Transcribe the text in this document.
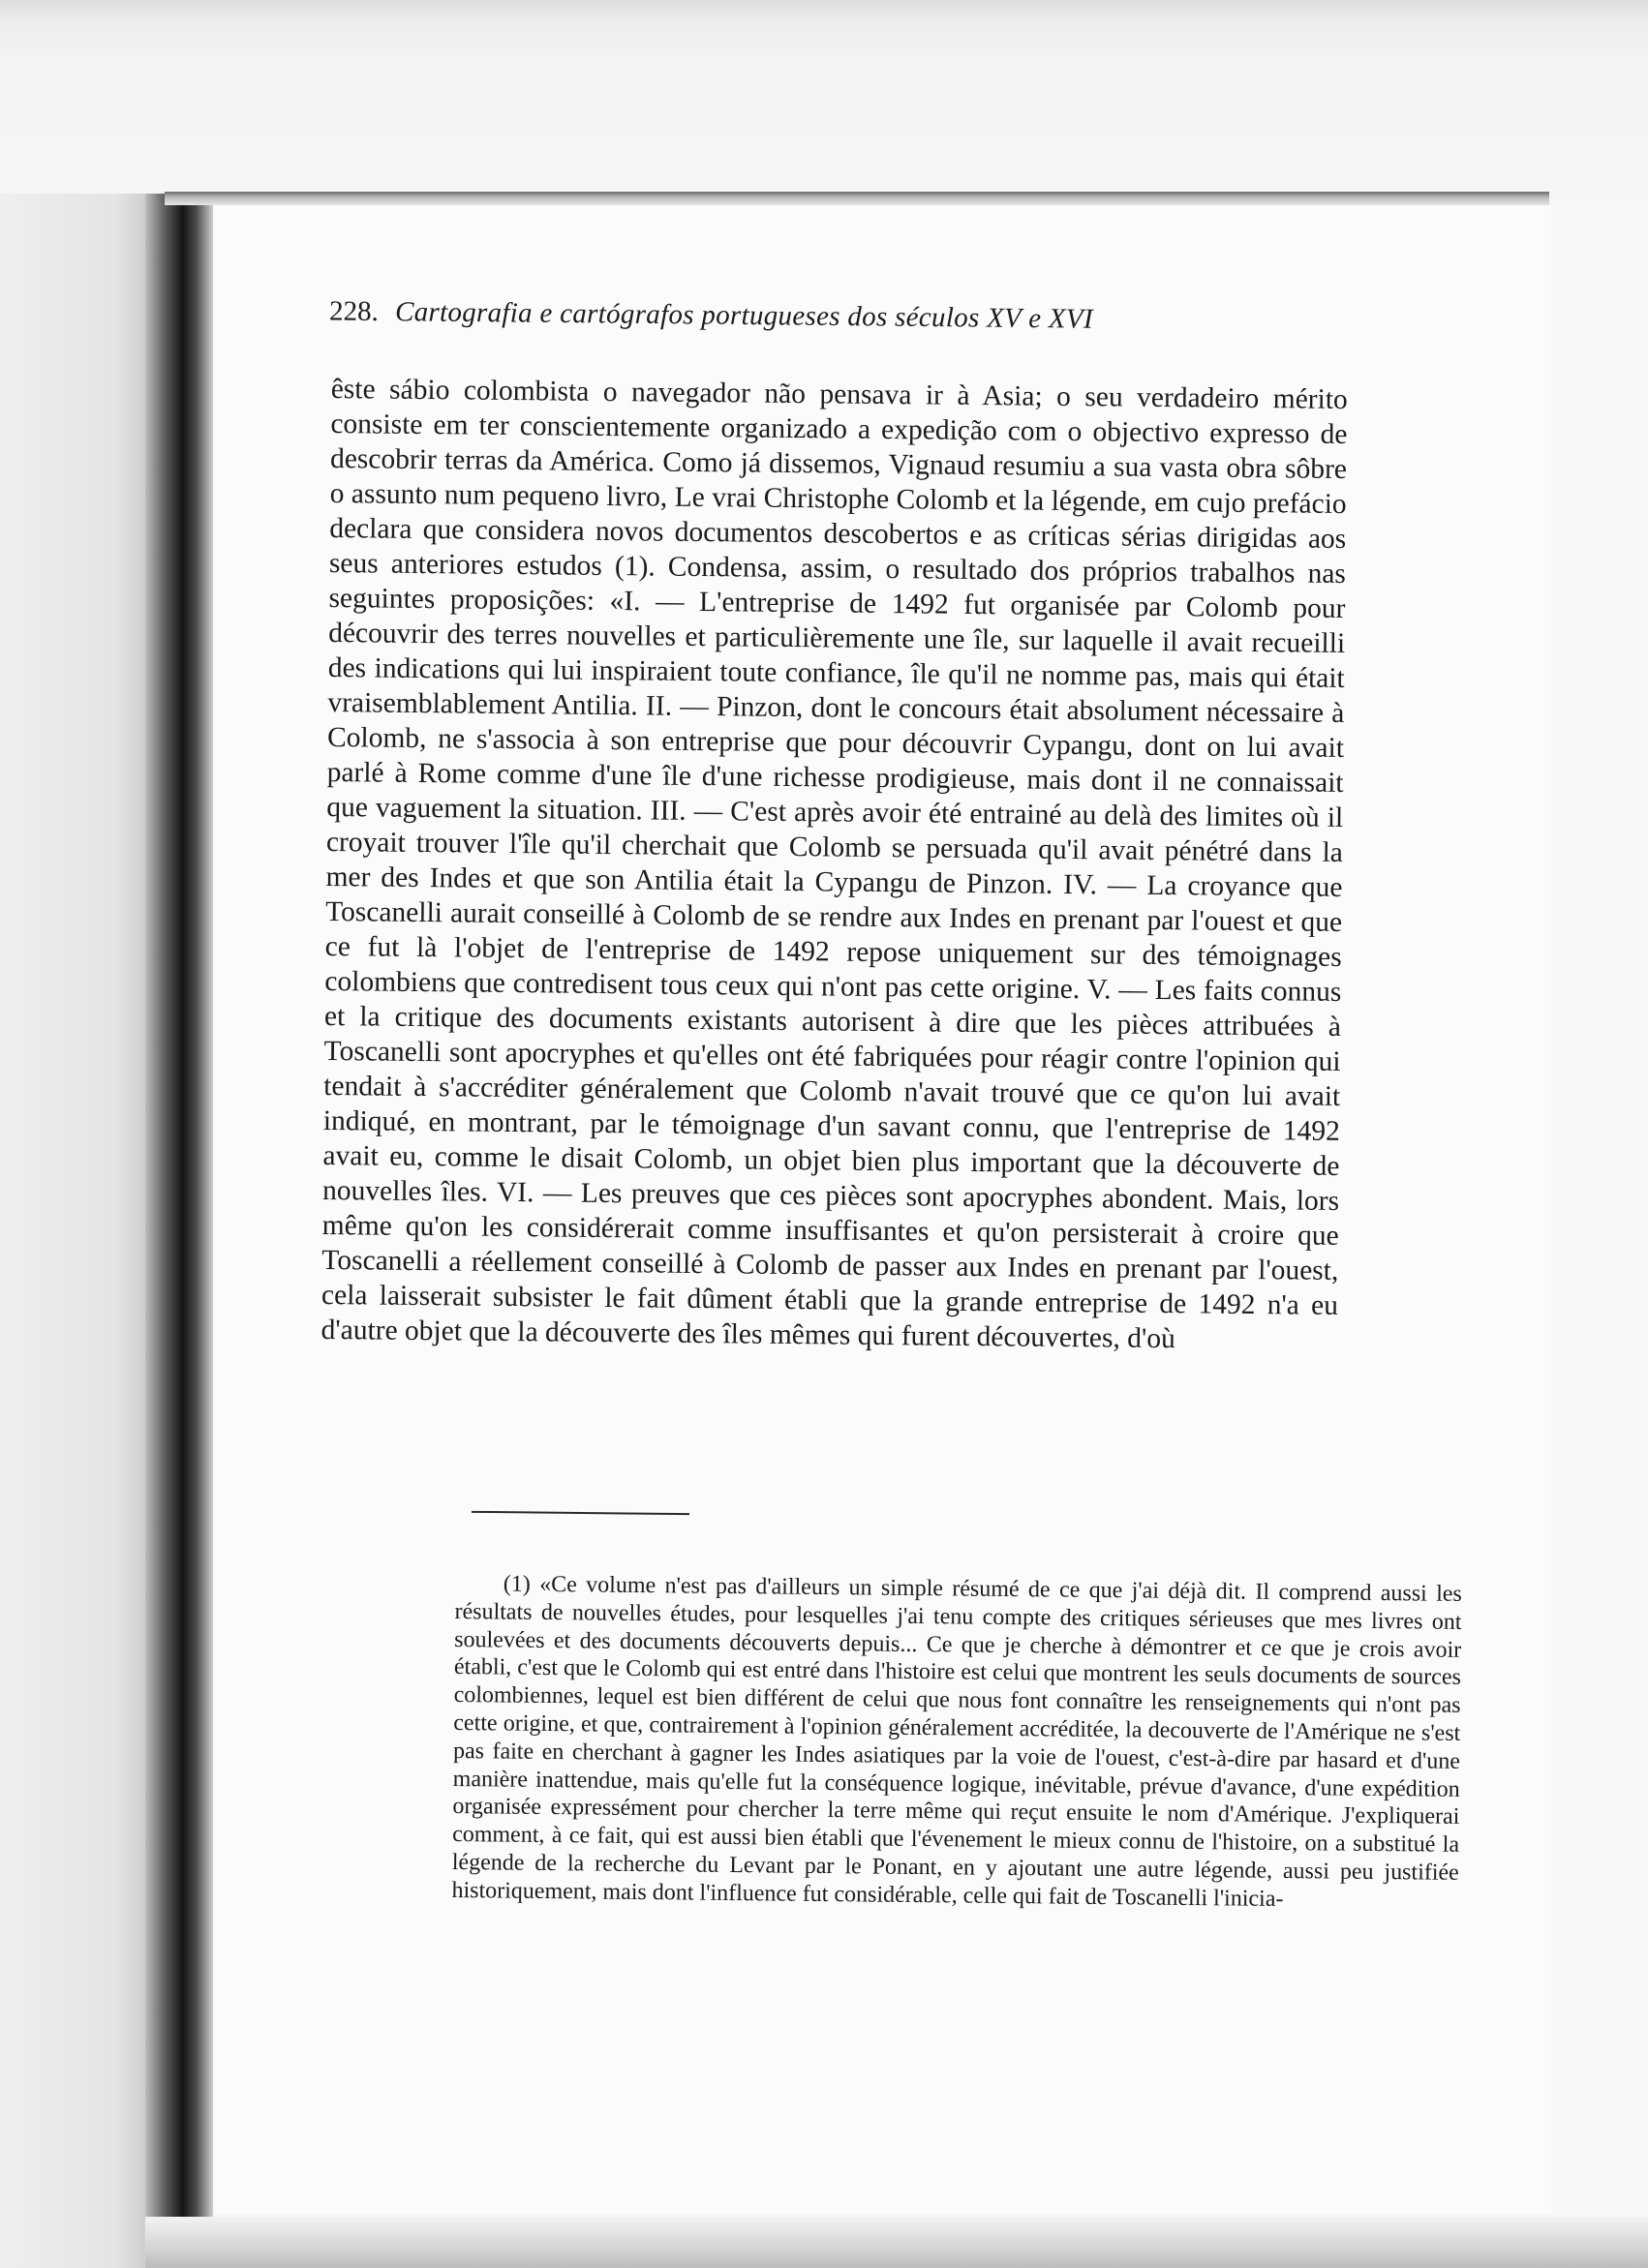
228. Cartografia e cartógrafos portugueses dos séculos XV e XVI

êste sábio colombista o navegador não pensava ir à Asia; o seu verdadeiro mérito consiste em ter conscientemente organizado a expedição com o objectivo expresso de descobrir terras da América. Como já dissemos, Vignaud resumiu a sua vasta obra sôbre o assunto num pequeno livro, Le vrai Christophe Colomb et la légende, em cujo prefácio declara que considera novos documentos descobertos e as críticas sérias dirigidas aos seus anteriores estudos (1). Condensa, assim, o resultado dos próprios trabalhos nas seguintes proposições: «I. — L'entreprise de 1492 fut organisée par Colomb pour découvrir des terres nouvelles et particulièremente une île, sur laquelle il avait recueilli des indications qui lui inspiraient toute confiance, île qu'il ne nomme pas, mais qui était vraisemblablement Antilia. II. — Pinzon, dont le concours était absolument nécessaire à Colomb, ne s'associa à son entreprise que pour découvrir Cypangu, dont on lui avait parlé à Rome comme d'une île d'une richesse prodigieuse, mais dont il ne connaissait que vaguement la situation. III. — C'est après avoir été entrainé au delà des limites où il croyait trouver l'île qu'il cherchait que Colomb se persuada qu'il avait pénétré dans la mer des Indes et que son Antilia était la Cypangu de Pinzon. IV. — La croyance que Toscanelli aurait conseillé à Colomb de se rendre aux Indes en prenant par l'ouest et que ce fut là l'objet de l'entreprise de 1492 repose uniquement sur des témoignages colombiens que contredisent tous ceux qui n'ont pas cette origine. V. — Les faits connus et la critique des documents existants autorisent à dire que les pièces attribuées à Toscanelli sont apocryphes et qu'elles ont été fabriquées pour réagir contre l'opinion qui tendait à s'accréditer généralement que Colomb n'avait trouvé que ce qu'on lui avait indiqué, en montrant, par le témoignage d'un savant connu, que l'entreprise de 1492 avait eu, comme le disait Colomb, un objet bien plus important que la découverte de nouvelles îles. VI. — Les preuves que ces pièces sont apocryphes abondent. Mais, lors même qu'on les considérerait comme insuffisantes et qu'on persisterait à croire que Toscanelli a réellement conseillé à Colomb de passer aux Indes en prenant par l'ouest, cela laisserait subsister le fait dûment établi que la grande entreprise de 1492 n'a eu d'autre objet que la découverte des îles mêmes qui furent découvertes, d'où

(1) «Ce volume n'est pas d'ailleurs un simple résumé de ce que j'ai déjà dit. Il comprend aussi les résultats de nouvelles études, pour lesquelles j'ai tenu compte des critiques sérieuses que mes livres ont soulevées et des documents découverts depuis... Ce que je cherche à démontrer et ce que je crois avoir établi, c'est que le Colomb qui est entré dans l'histoire est celui que montrent les seuls documents de sources colombiennes, lequel est bien différent de celui que nous font connaître les renseignements qui n'ont pas cette origine, et que, contrairement à l'opinion généralement accréditée, la decouverte de l'Amérique ne s'est pas faite en cherchant à gagner les Indes asiatiques par la voie de l'ouest, c'est-à-dire par hasard et d'une manière inattendue, mais qu'elle fut la conséquence logique, inévitable, prévue d'avance, d'une expédition organisée expressément pour chercher la terre même qui reçut ensuite le nom d'Amérique. J'expliquerai comment, à ce fait, qui est aussi bien établi que l'évenement le mieux connu de l'histoire, on a substitué la légende de la recherche du Levant par le Ponant, en y ajoutant une autre légende, aussi peu justifiée historiquement, mais dont l'influence fut considérable, celle qui fait de Toscanelli l'inicia-
